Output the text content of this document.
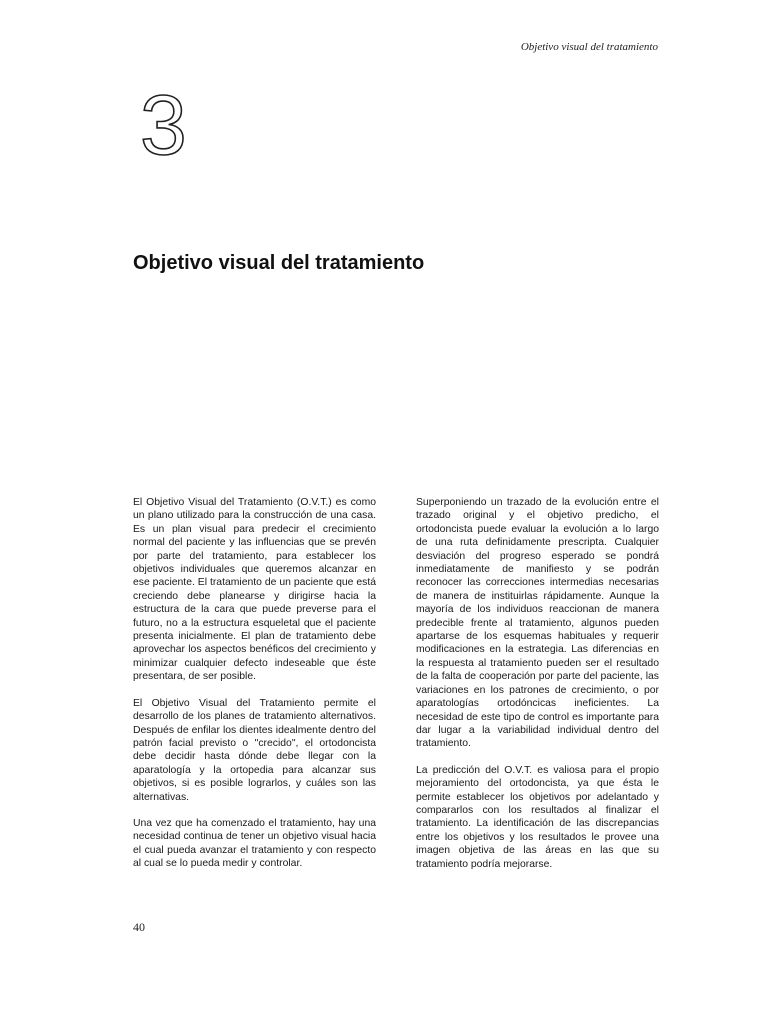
Objetivo visual del tratamiento
3
Objetivo visual del tratamiento

El Objetivo Visual del Tratamiento (O.V.T.) es como un plano utilizado para la construcción de una casa. Es un plan visual para predecir el crecimiento normal del paciente y las influencias que se prevén por parte del tratamiento, para establecer los objetivos individuales que queremos alcanzar en ese paciente. El tratamiento de un paciente que está creciendo debe planearse y dirigirse hacia la estructura de la cara que puede preverse para el futuro, no a la estructura esqueletal que el paciente presenta inicialmente. El plan de tratamiento debe aprovechar los aspectos benéficos del crecimiento y minimizar cualquier defecto indeseable que éste presentara, de ser posible.

El Objetivo Visual del Tratamiento permite el desarrollo de los planes de tratamiento alternativos. Después de enfilar los dientes idealmente dentro del patrón facial previsto o "crecido", el ortodoncista debe decidir hasta dónde debe llegar con la aparatología y la ortopedia para alcanzar sus objetivos, si es posible lograrlos, y cuáles son las alternativas.

Una vez que ha comenzado el tratamiento, hay una necesidad continua de tener un objetivo visual hacia el cual pueda avanzar el tratamiento y con respecto al cual se lo pueda medir y controlar.

Superponiendo un trazado de la evolución entre el trazado original y el objetivo predicho, el ortodoncista puede evaluar la evolución a lo largo de una ruta definidamente prescripta. Cualquier desviación del progreso esperado se pondrá inmediatamente de manifiesto y se podrán reconocer las correcciones intermedias necesarias de manera de instituirlas rápidamente. Aunque la mayoría de los individuos reaccionan de manera predecible frente al tratamiento, algunos pueden apartarse de los esquemas habituales y requerir modificaciones en la estrategia. Las diferencias en la respuesta al tratamiento pueden ser el resultado de la falta de cooperación por parte del paciente, las variaciones en los patrones de crecimiento, o por aparatologías ortodóncicas ineficientes. La necesidad de este tipo de control es importante para dar lugar a la variabilidad individual dentro del tratamiento.

La predicción del O.V.T. es valiosa para el propio mejoramiento del ortodoncista, ya que ésta le permite establecer los objetivos por adelantado y compararlos con los resultados al finalizar el tratamiento. La identificación de las discrepancias entre los objetivos y los resultados le provee una imagen objetiva de las áreas en las que su tratamiento podría mejorarse.

40
